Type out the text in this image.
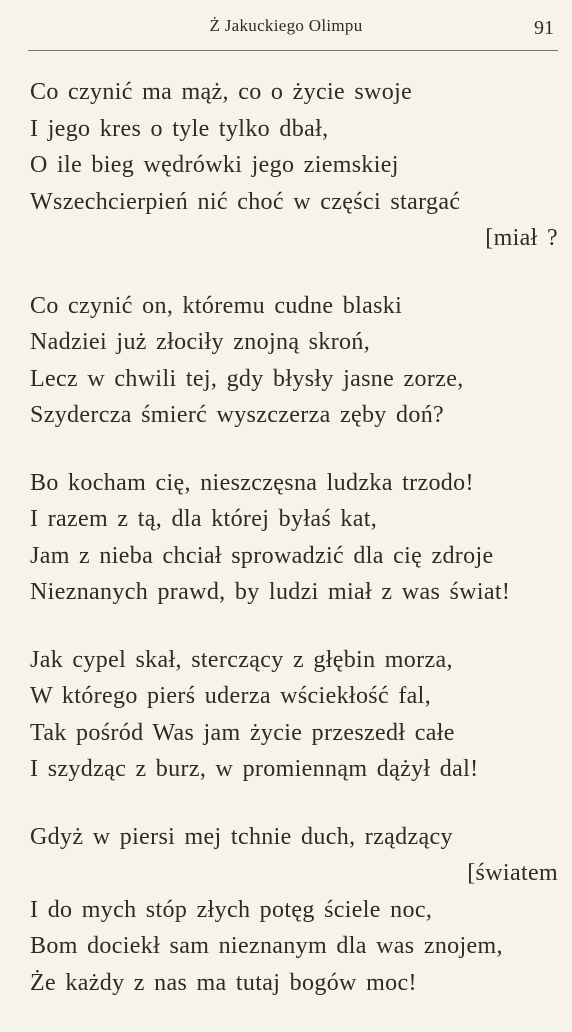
Ż Jakuckiego Olimpu	91
Co czynić ma mąż, co o życie swoje
I jego kres o tyle tylko dbał,
O ile bieg wędrówki jego ziemskiej
Wszechcierpień nić choć w części stargać
[miał ?
Co czynić on, któremu cudne blaski
Nadziei już złociły znojną skroń,
Lecz w chwili tej, gdy błysły jasne zorze,
Szydercza śmierć wyszczerza zęby doń?
Bo kocham cię, nieszczęsna ludzka trzodo!
I razem z tą, dla której byłaś kat,
Jam z nieba chciał sprowadzić dla cię zdroje
Nieznanych prawd, by ludzi miał z was świat!
Jak cypel skał, sterczący z głębin morza,
W którego pierś uderza wściekłość fal,
Tak pośród Was jam życie przeszedł całe
I szydząc z burz, w promiennąm dążył dal!
Gdyż w piersi mej tchnie duch, rządzący
[światem
I do mych stóp złych potęg ściele noc,
Bom dociekł sam nieznanym dla was znojem,
Że każdy z nas ma tutaj bogów moc!
